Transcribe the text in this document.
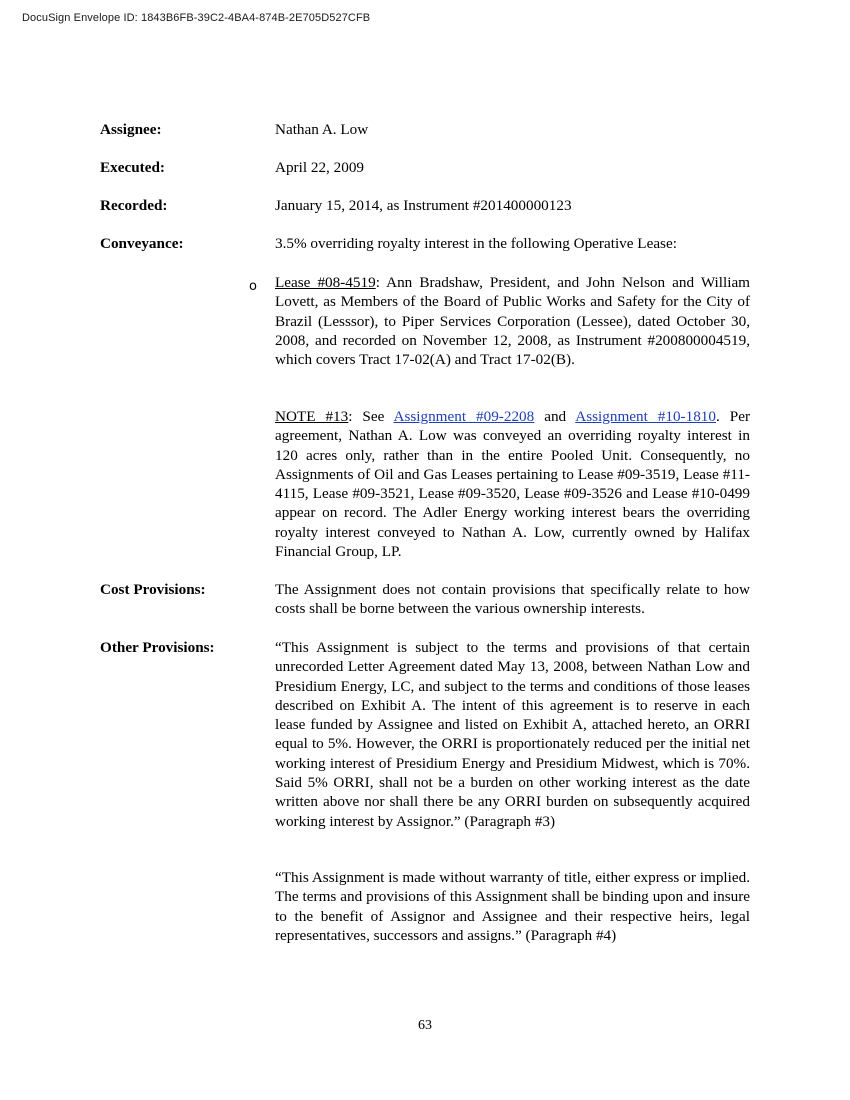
DocuSign Envelope ID: 1843B6FB-39C2-4BA4-874B-2E705D527CFB
Assignee:	Nathan A. Low
Executed:	April 22, 2009
Recorded:	January 15, 2014, as Instrument #201400000123
Conveyance:	3.5% overriding royalty interest in the following Operative Lease:
o Lease #08-4519: Ann Bradshaw, President, and John Nelson and William Lovett, as Members of the Board of Public Works and Safety for the City of Brazil (Lesssor), to Piper Services Corporation (Lessee), dated October 30, 2008, and recorded on November 12, 2008, as Instrument #200800004519, which covers Tract 17-02(A) and Tract 17-02(B).

NOTE #13: See Assignment #09-2208 and Assignment #10-1810. Per agreement, Nathan A. Low was conveyed an overriding royalty interest in 120 acres only, rather than in the entire Pooled Unit. Consequently, no Assignments of Oil and Gas Leases pertaining to Lease #09-3519, Lease #11-4115, Lease #09-3521, Lease #09-3520, Lease #09-3526 and Lease #10-0499 appear on record. The Adler Energy working interest bears the overriding royalty interest conveyed to Nathan A. Low, currently owned by Halifax Financial Group, LP.

Cost Provisions:	The Assignment does not contain provisions that specifically relate to how costs shall be borne between the various ownership interests.

Other Provisions:	“This Assignment is subject to the terms and provisions of that certain unrecorded Letter Agreement dated May 13, 2008, between Nathan Low and Presidium Energy, LC, and subject to the terms and conditions of those leases described on Exhibit A. The intent of this agreement is to reserve in each lease funded by Assignee and listed on Exhibit A, attached hereto, an ORRI equal to 5%. However, the ORRI is proportionately reduced per the initial net working interest of Presidium Energy and Presidium Midwest, which is 70%. Said 5% ORRI, shall not be a burden on other working interest as the date written above nor shall there be any ORRI burden on subsequently acquired working interest by Assignor.” (Paragraph #3)

“This Assignment is made without warranty of title, either express or implied. The terms and provisions of this Assignment shall be binding upon and insure to the benefit of Assignor and Assignee and their respective heirs, legal representatives, successors and assigns.” (Paragraph #4)

63
